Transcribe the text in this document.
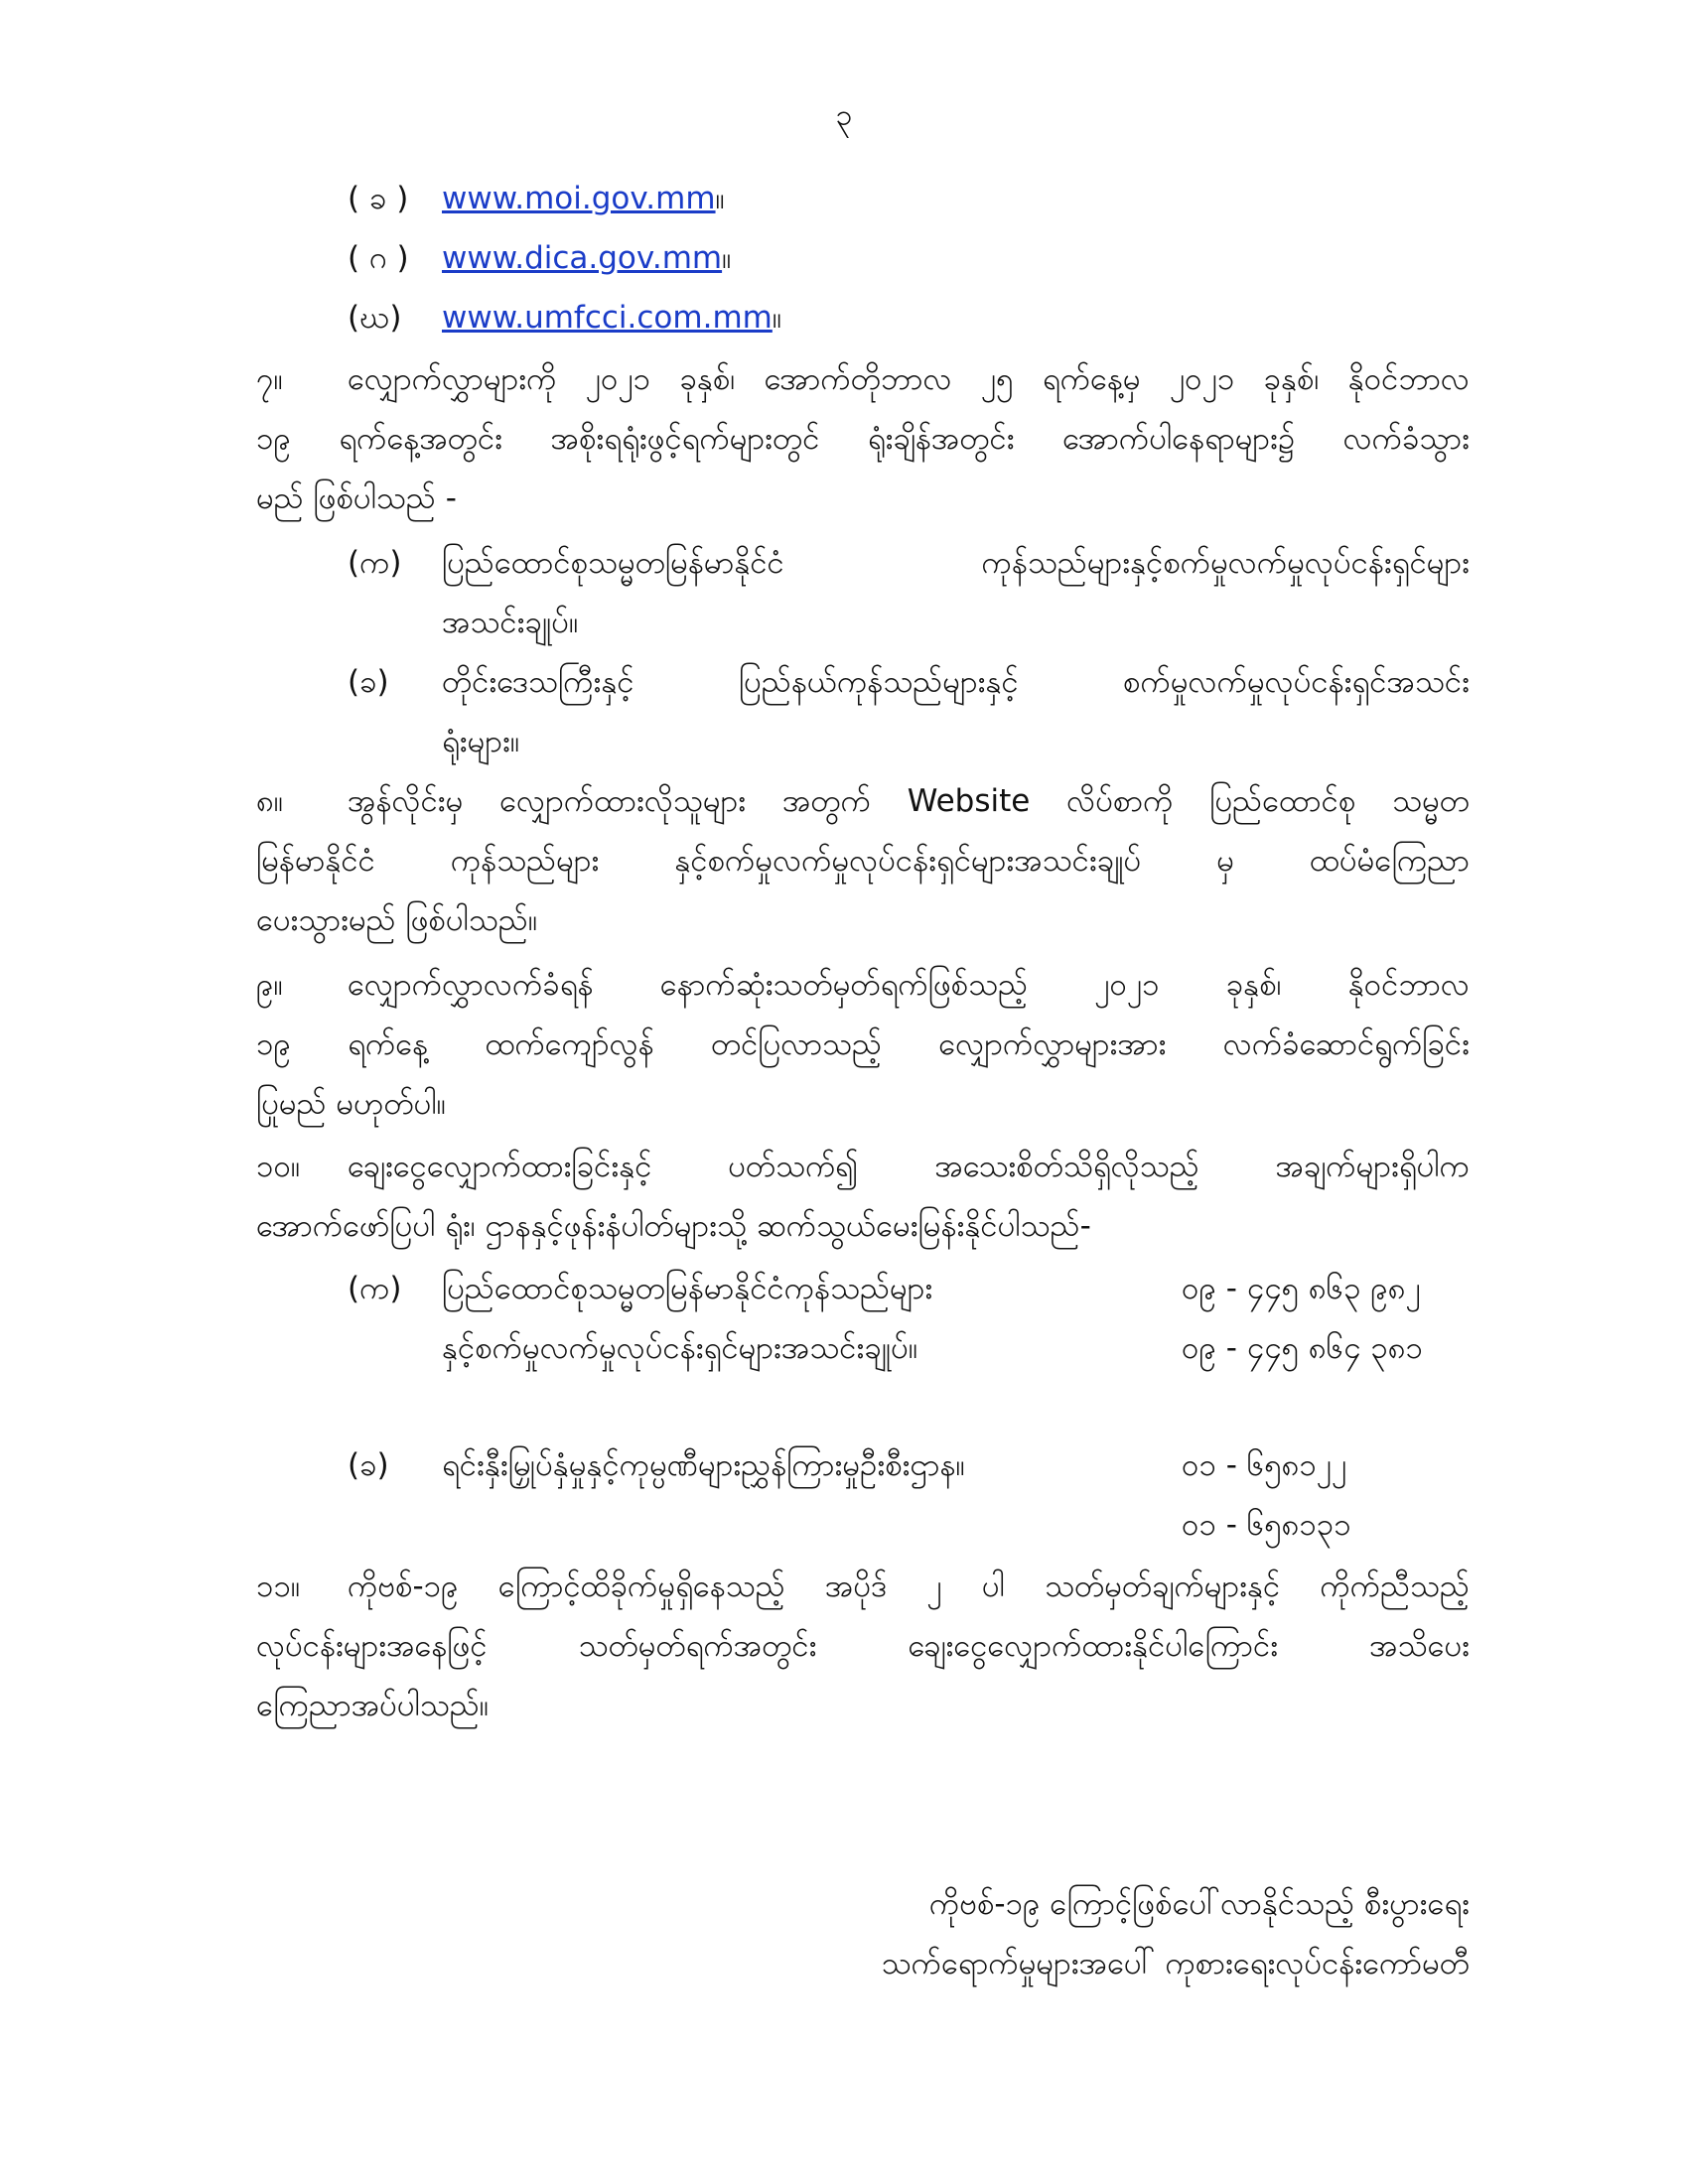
၃
( ခ ) www.moi.gov.mm။
( ဂ ) www.dica.gov.mm။
(ဃ) www.umfcci.com.mm။
၇။ လျှောက်လွှာများကို ၂၀၂၁ ခုနှစ်၊ အောက်တိုဘာလ ၂၅ ရက်နေ့မှ ၂၀၂၁ ခုနှစ်၊ နိုဝင်ဘာလ
၁၉ ရက်နေ့အတွင်း အစိုးရရုံးဖွင့်ရက်များတွင် ရုံးချိန်အတွင်း အောက်ပါနေရာများ၌ လက်ခံသွား
မည် ဖြစ်ပါသည် -
(က) ပြည်ထောင်စုသမ္မတမြန်မာနိုင်ငံ ကုန်သည်များနှင့်စက်မှုလက်မှုလုပ်ငန်းရှင်များ
အသင်းချုပ်။
(ခ) တိုင်းဒေသကြီးနှင့် ပြည်နယ်ကုန်သည်များနှင့် စက်မှုလက်မှုလုပ်ငန်းရှင်အသင်း
ရုံးများ။
၈။ အွန်လိုင်းမှ လျှောက်ထားလိုသူများ အတွက် Website လိပ်စာကို ပြည်ထောင်စု သမ္မတ
မြန်မာနိုင်ငံ ကုန်သည်များ နှင့်စက်မှုလက်မှုလုပ်ငန်းရှင်များအသင်းချုပ် မှ ထပ်မံကြေညာ
ပေးသွားမည် ဖြစ်ပါသည်။
၉။ လျှောက်လွှာလက်ခံရန် နောက်ဆုံးသတ်မှတ်ရက်ဖြစ်သည့် ၂၀၂၁ ခုနှစ်၊ နိုဝင်ဘာလ
၁၉ ရက်နေ့ ထက်ကျော်လွန် တင်ပြလာသည့် လျှောက်လွှာများအား လက်ခံဆောင်ရွက်ခြင်း
ပြုမည် မဟုတ်ပါ။
၁၀။ ချေးငွေလျှောက်ထားခြင်းနှင့် ပတ်သက်၍ အသေးစိတ်သိရှိလိုသည့် အချက်များရှိပါက
အောက်ဖော်ပြပါ ရုံး၊ ဌာနနှင့်ဖုန်းနံပါတ်များသို့ ဆက်သွယ်မေးမြန်းနိုင်ပါသည်-
(က) ပြည်ထောင်စုသမ္မတမြန်မာနိုင်ငံကုန်သည်များ
နှင့်စက်မှုလက်မှုလုပ်ငန်းရှင်များအသင်းချုပ်။
၀၉ - ၄၄၅ ၈၆၃ ၉၈၂
၀၉ - ၄၄၅ ၈၆၄ ၃၈၁
(ခ) ရင်းနှီးမြှုပ်နှံမှုနှင့်ကုမ္ပဏီများညွှန်ကြားမှုဦးစီးဌာန။	၀၁ - ၆၅၈၁၂၂
၀၁ - ၆၅၈၁၃၁
၁၁။ ကိုဗစ်-၁၉ ကြောင့်ထိခိုက်မှုရှိနေသည့် အပိုဒ် ၂ ပါ သတ်မှတ်ချက်များနှင့် ကိုက်ညီသည့်
လုပ်ငန်းများအနေဖြင့် သတ်မှတ်ရက်အတွင်း ချေးငွေလျှောက်ထားနိုင်ပါကြောင်း အသိပေး
ကြေညာအပ်ပါသည်။
ကိုဗစ်-၁၉ ကြောင့်ဖြစ်ပေါ်လာနိုင်သည့် စီးပွားရေး
သက်ရောက်မှုများအပေါ် ကုစားရေးလုပ်ငန်းကော်မတီ
